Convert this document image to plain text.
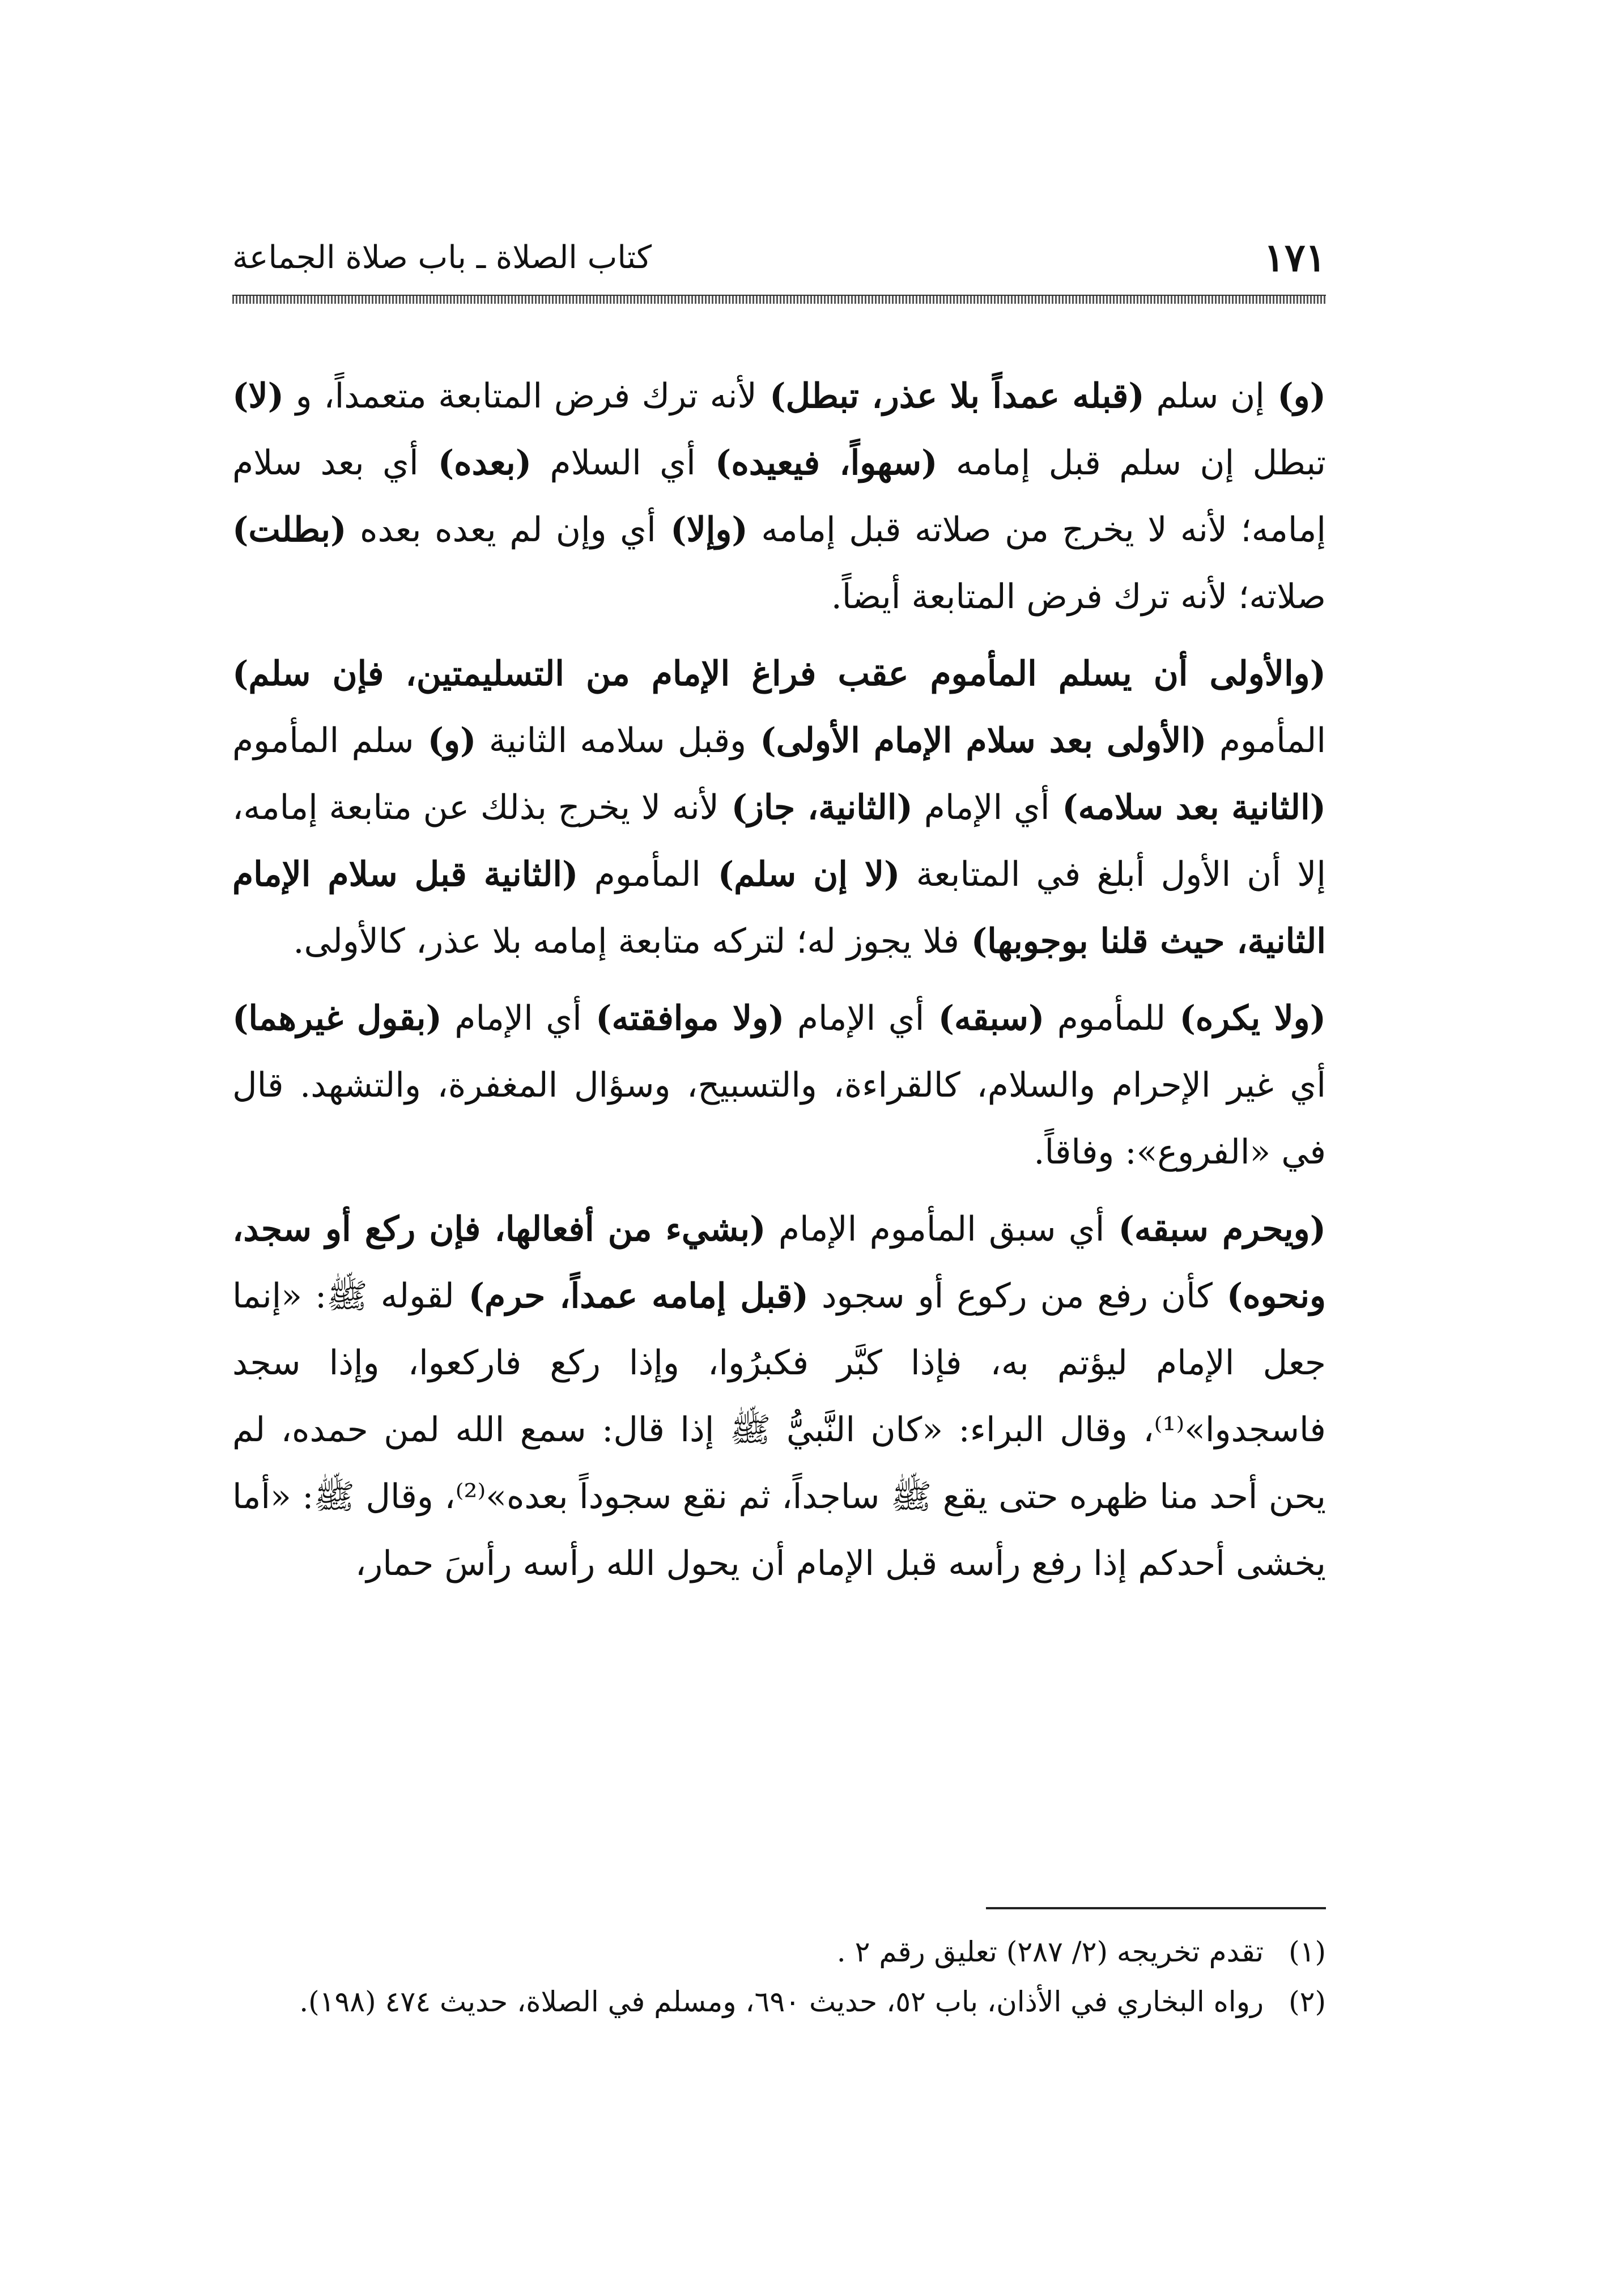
١٧١
كتاب الصلاة ـ باب صلاة الجماعة

(و) إن سلم (قبله عمداً بلا عذر، تبطل) لأنه ترك فرض المتابعة متعمداً، و (لا) تبطل إن سلم قبل إمامه (سهواً، فيعيده) أي السلام (بعده) أي بعد سلام إمامه؛ لأنه لا يخرج من صلاته قبل إمامه (وإلا) أي وإن لم يعده بعده (بطلت) صلاته؛ لأنه ترك فرض المتابعة أيضاً.

(والأولى أن يسلم المأموم عقب فراغ الإمام من التسليمتين، فإن سلم) المأموم (الأولى بعد سلام الإمام الأولى) وقبل سلامه الثانية (و) سلم المأموم (الثانية بعد سلامه) أي الإمام (الثانية، جاز) لأنه لا يخرج بذلك عن متابعة إمامه، إلا أن الأول أبلغ في المتابعة (لا إن سلم) المأموم (الثانية قبل سلام الإمام الثانية، حيث قلنا بوجوبها) فلا يجوز له؛ لتركه متابعة إمامه بلا عذر، كالأولى.

(ولا يكره) للمأموم (سبقه) أي الإمام (ولا موافقته) أي الإمام (بقول غيرهما) أي غير الإحرام والسلام، كالقراءة، والتسبيح، وسؤال المغفرة، والتشهد. قال في «الفروع»: وفاقاً.

(ويحرم سبقه) أي سبق المأموم الإمام (بشيء من أفعالها، فإن ركع أو سجد، ونحوه) كأن رفع من ركوع أو سجود (قبل إمامه عمداً، حرم) لقوله ﷺ: «إنما جعل الإمام ليؤتم به، فإذا كبَّر فكبرُوا، وإذا ركع فاركعوا، وإذا سجد فاسجدوا»⁽¹⁾، وقال البراء: «كان النَّبيُّ ﷺ إذا قال: سمع الله لمن حمده، لم يحن أحد منا ظهره حتى يقع ﷺ ساجداً، ثم نقع سجوداً بعده»⁽²⁾، وقال ﷺ: «أما يخشى أحدكم إذا رفع رأسه قبل الإمام أن يحول الله رأسه رأسَ حمار،

(١)
تقدم تخريجه (٢/ ٢٨٧) تعليق رقم ٢ .
(٢)
رواه البخاري في الأذان، باب ٥٢، حديث ٦٩٠، ومسلم في الصلاة، حديث ٤٧٤ (١٩٨).
